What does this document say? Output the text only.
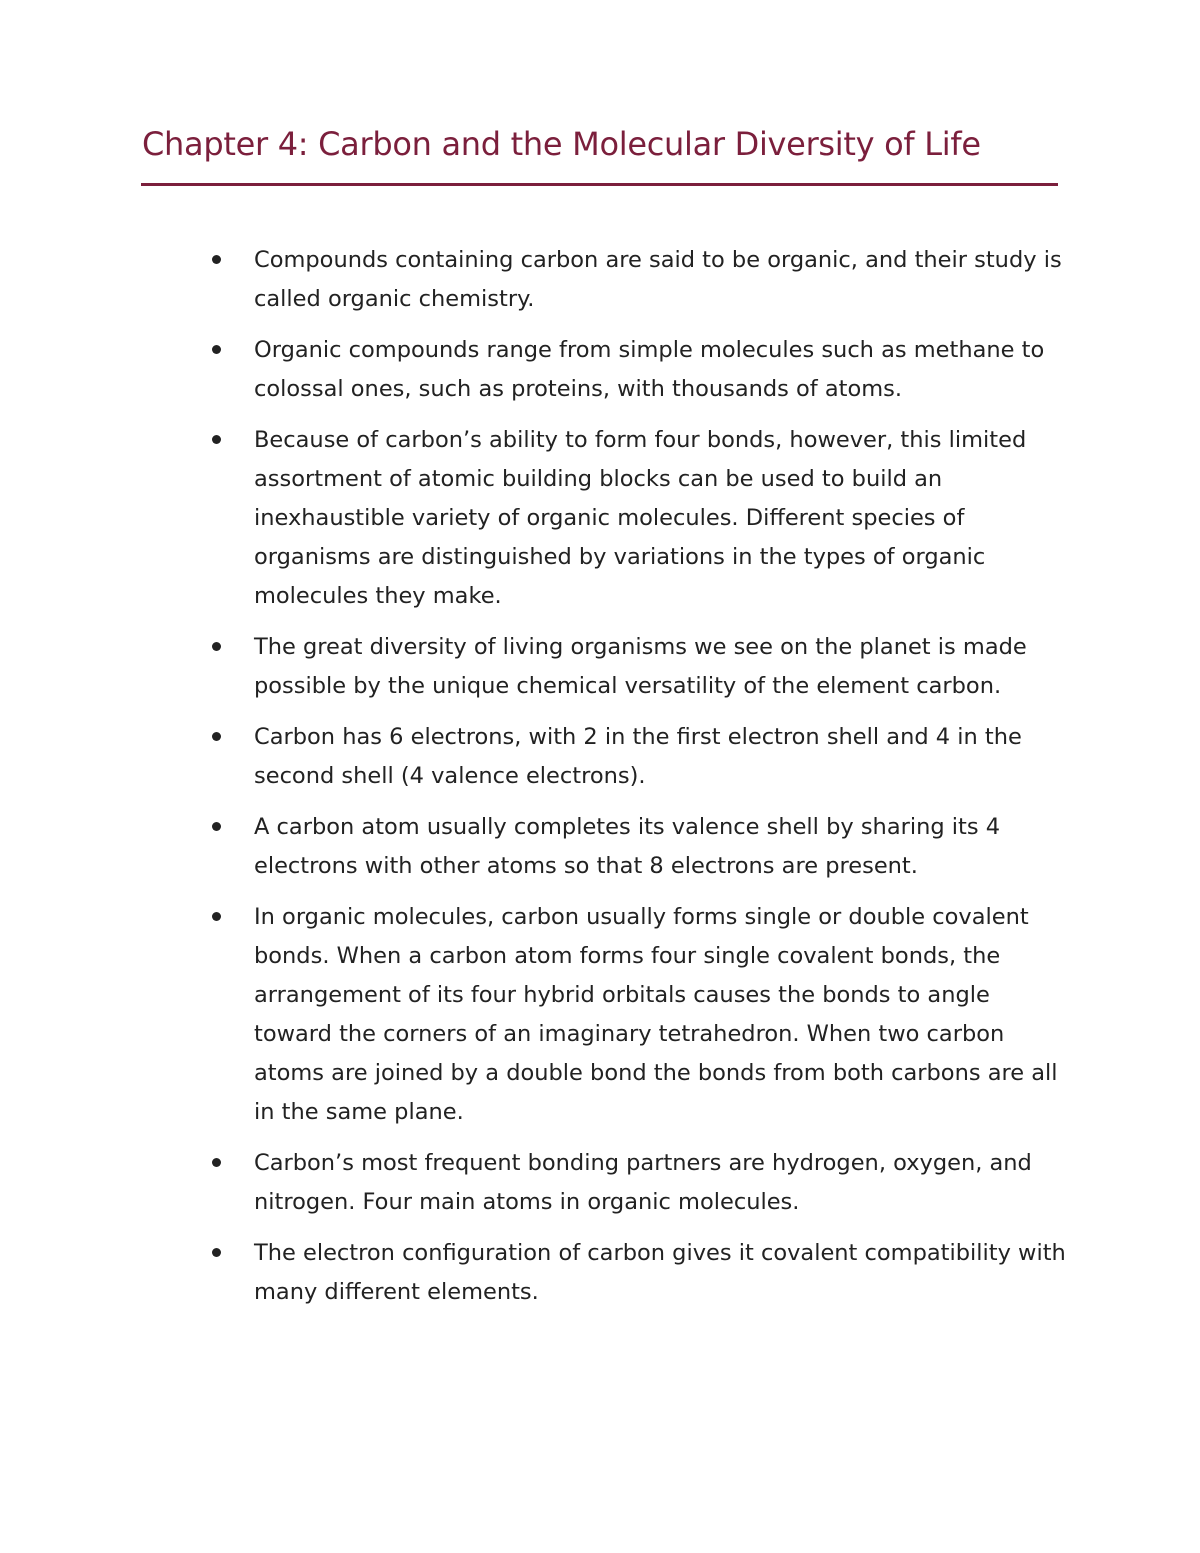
Chapter 4: Carbon and the Molecular Diversity of Life
Compounds containing carbon are said to be organic, and their study is called organic chemistry.
Organic compounds range from simple molecules such as methane to colossal ones, such as proteins, with thousands of atoms.
Because of carbon’s ability to form four bonds, however, this limited assortment of atomic building blocks can be used to build an inexhaustible variety of organic molecules. Different species of organisms are distinguished by variations in the types of organic molecules they make.
The great diversity of living organisms we see on the planet is made possible by the unique chemical versatility of the element carbon.
Carbon has 6 electrons, with 2 in the first electron shell and 4 in the second shell (4 valence electrons).
A carbon atom usually completes its valence shell by sharing its 4 electrons with other atoms so that 8 electrons are present.
In organic molecules, carbon usually forms single or double covalent bonds. When a carbon atom forms four single covalent bonds, the arrangement of its four hybrid orbitals causes the bonds to angle toward the corners of an imaginary tetrahedron. When two carbon atoms are joined by a double bond the bonds from both carbons are all in the same plane.
Carbon’s most frequent bonding partners are hydrogen, oxygen, and nitrogen. Four main atoms in organic molecules.
The electron configuration of carbon gives it covalent compatibility with many different elements.
